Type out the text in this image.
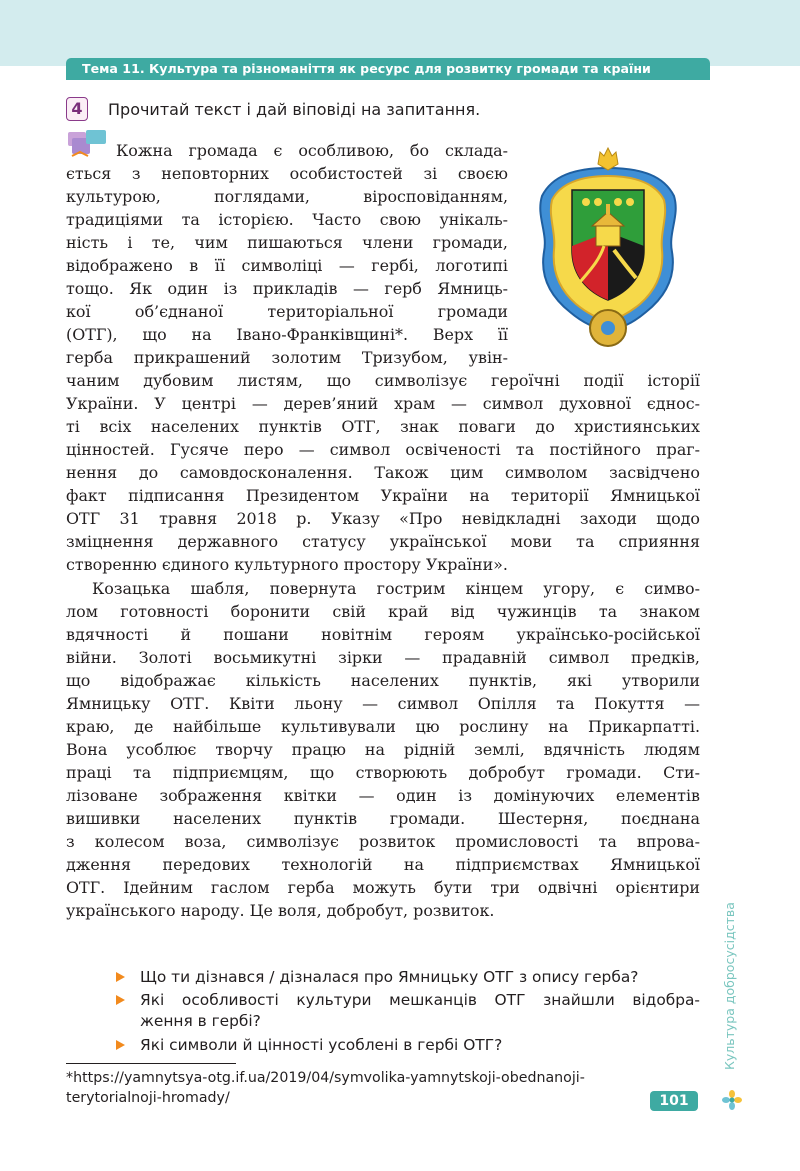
Тема 11. Культура та різноманіття як ресурс для розвитку громади та країни
4	Прочитай текст і дай віповіді на запитання.
Кожна громада є особливою, бо склада-
ється з неповторних особистостей зі своєю
культурою, поглядами, віросповіданням,
традиціями та історією. Часто свою унікаль-
ність і те, чим пишаються члени громади,
відображено в її символіці — гербі, логотипі
тощо. Як один із прикладів — герб Ямниць-
кої об’єднаної територіальної громади
(ОТГ), що на Івано-Франківщині*. Верх її
герба прикрашений золотим Тризубом, увін-
чаним дубовим листям, що символізує героїчні події історії
України. У центрі — дерев’яний храм — символ духовної єднос-
ті всіх населених пунктів ОТГ, знак поваги до християнських
цінностей. Гусяче перо — символ освіченості та постійного праг-
нення до самовдосконалення. Також цим символом засвідчено
факт підписання Президентом України на території Ямницької
ОТГ 31 травня 2018 р. Указу «Про невідкладні заходи щодо
зміцнення державного статусу української мови та сприяння
створенню єдиного культурного простору України».
Козацька шабля, повернута гострим кінцем угору, є симво-
лом готовності боронити свій край від чужинців та знаком
вдячності й пошани новітнім героям українсько-російської
війни. Золоті восьмикутні зірки — прадавній символ предків,
що відображає кількість населених пунктів, які утворили
Ямницьку ОТГ. Квіти льону — символ Опілля та Покуття —
краю, де найбільше культивували цю рослину на Прикарпатті.
Вона усоблює творчу працю на рідній землі, вдячність людям
праці та підприємцям, що створюють добробут громади. Сти-
лізоване зображення квітки — один із домінуючих елементів
вишивки населених пунктів громади. Шестерня, поєднана
з колесом воза, символізує розвиток промисловості та впрова-
дження передових технологій на підприємствах Ямницької
ОТГ. Ідейним гаслом герба можуть бути три одвічні орієнтири
українського народу. Це воля, добробут, розвиток.
Що ти дізнався / дізналася про Ямницьку ОТГ з опису герба?
Які особливості культури мешканців ОТГ знайшли відобра-
ження в гербі?
Які символи й цінності усоблені в гербі ОТГ?
*https://yamnytsya-otg.if.ua/2019/04/symvolika-yamnytskoji-obednanoji-
terytorialnoji-hromady/	101
Культура добросусідства
